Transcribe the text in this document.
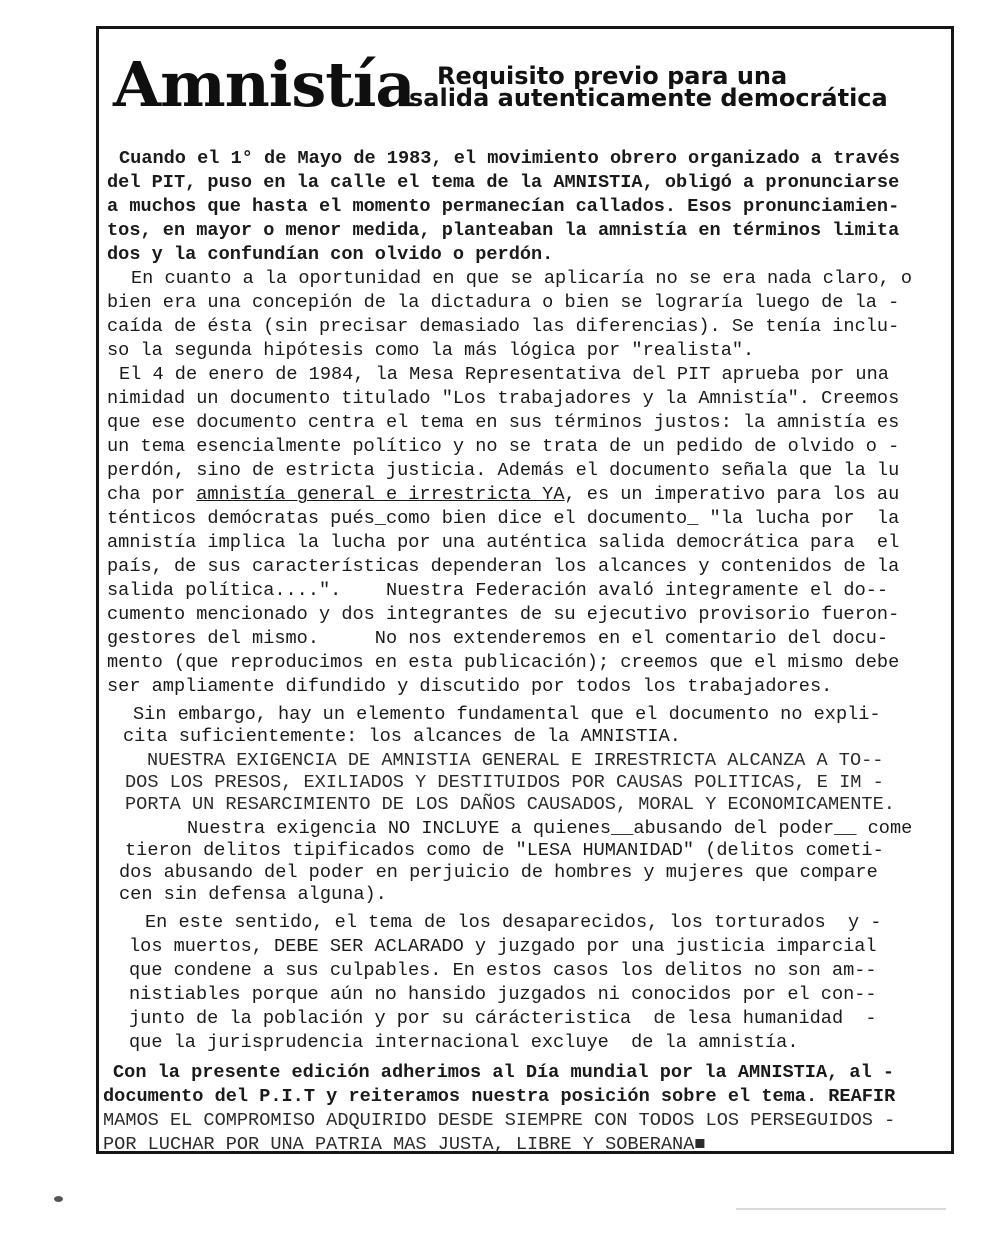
Amnistía Requisito previo para una
salida autenticamente democrática
Cuando el 1° de Mayo de 1983, el movimiento obrero organizado a través
del PIT, puso en la calle el tema de la AMNISTIA, obligó a pronunciarse
a muchos que hasta el momento permanecían callados. Esos pronunciamien-
tos, en mayor o menor medida, planteaban la amnistía en términos limita
dos y la confundían con olvido o perdón.
En cuanto a la oportunidad en que se aplicaría no se era nada claro, o
bien era una concepión de la dictadura o bien se lograría luego de la -
caída de ésta (sin precisar demasiado las diferencias). Se tenía inclu-
so la segunda hipótesis como la más lógica por "realista".
El 4 de enero de 1984, la Mesa Representativa del PIT aprueba por una
nimidad un documento titulado "Los trabajadores y la Amnistía". Creemos
que ese documento centra el tema en sus términos justos: la amnistía es
un tema esencialmente político y no se trata de un pedido de olvido o -
perdón, sino de estricta justicia. Además el documento señala que la lu
cha por amnistía general e irrestricta YA, es un imperativo para los au
ténticos demócratas pués_como bien dice el documento_ "la lucha por  la
amnistía implica la lucha por una auténtica salida democrática para  el
país, de sus características dependeran los alcances y contenidos de la
salida política....".    Nuestra Federación avaló integramente el do--
cumento mencionado y dos integrantes de su ejecutivo provisorio fueron-
gestores del mismo.     No nos extenderemos en el comentario del docu-
mento (que reproducimos en esta publicación); creemos que el mismo debe
ser ampliamente difundido y discutido por todos los trabajadores.
Sin embargo, hay un elemento fundamental que el documento no expli-
cita suficientemente: los alcances de la AMNISTIA.
NUESTRA EXIGENCIA DE AMNISTIA GENERAL E IRRESTRICTA ALCANZA A TO--
DOS LOS PRESOS, EXILIADOS Y DESTITUIDOS POR CAUSAS POLITICAS, E IM -
PORTA UN RESARCIMIENTO DE LOS DAÑOS CAUSADOS, MORAL Y ECONOMICAMENTE.
Nuestra exigencia NO INCLUYE a quienes__abusando del poder__ come
tieron delitos tipificados como de "LESA HUMANIDAD" (delitos cometi-
dos abusando del poder en perjuicio de hombres y mujeres que compare
cen sin defensa alguna).
En este sentido, el tema de los desaparecidos, los torturados  y -
los muertos, DEBE SER ACLARADO y juzgado por una justicia imparcial
que condene a sus culpables. En estos casos los delitos no son am--
nistiables porque aún no hansido juzgados ni conocidos por el con--
junto de la población y por su cárácteristica  de lesa humanidad  -
que la jurisprudencia internacional excluye  de la amnistía.
Con la presente edición adherimos al Día mundial por la AMNISTIA, al -
documento del P.I.T y reiteramos nuestra posición sobre el tema. REAFIR
MAMOS EL COMPROMISO ADQUIRIDO DESDE SIEMPRE CON TODOS LOS PERSEGUIDOS -
POR LUCHAR POR UNA PATRIA MAS JUSTA, LIBRE Y SOBERANA■
